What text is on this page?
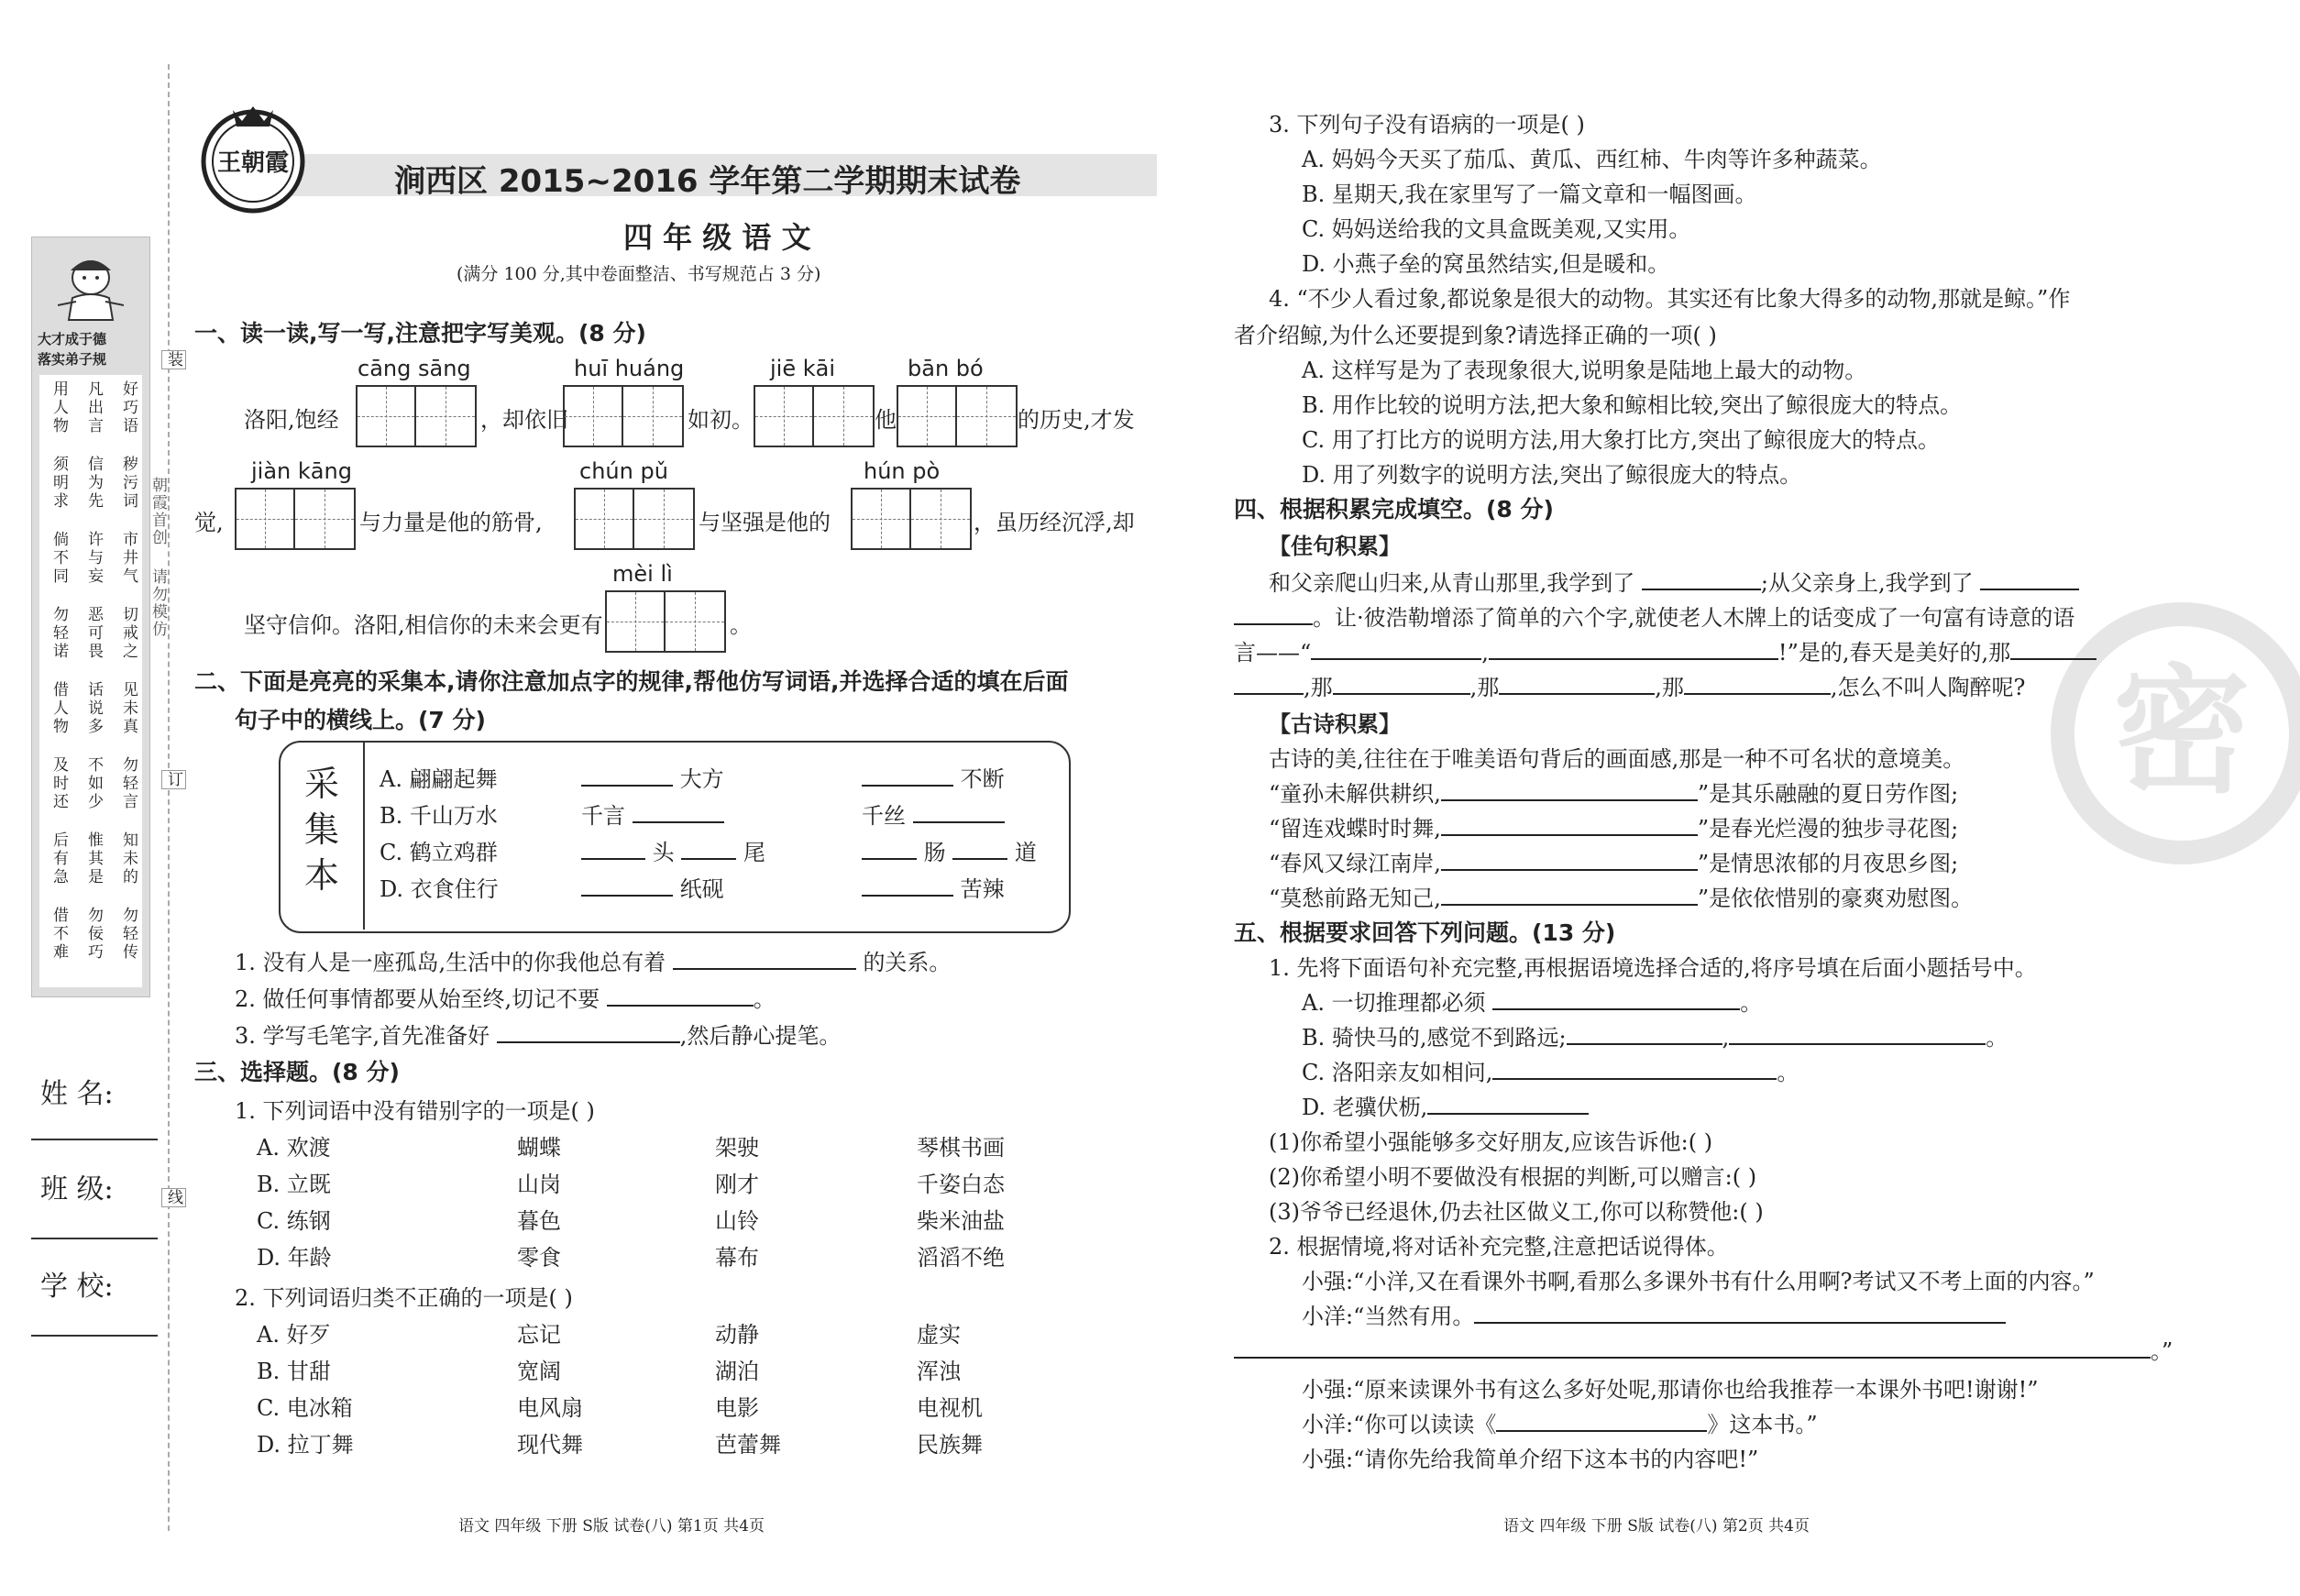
大才成于德
落实弟子规
用人物	凡出言	好巧语
须明求	信为先	秽污词
倘不同	许与妄	市井气
勿轻诺	恶可畏	切戒之
借人物	话说多	见未真
及时还	不如少	勿轻言
后有急	惟其是	知未的
借不难	勿佞巧	勿轻传
装
订
线
朝霞首创
请勿模仿
姓 名:
班 级:
学 校:
王朝霞	涧西区 2015~2016 学年第二学期期末试卷
四 年 级 语 文
(满分 100 分,其中卷面整洁、书写规范占 3 分)
一、读一读,写一写,注意把字写美观。(8 分)
cāng sāng	huī huáng	jiē kāi	bān bó
洛阳,饱经	，却依旧	如初。	他	的历史,才发
jiàn kāng	chún pǔ	hún pò
觉,	与力量是他的筋骨,	与坚强是他的	，虽历经沉浮,却
mèi lì
坚守信仰。洛阳,相信你的未来会更有	。
二、下面是亮亮的采集本,请你注意加点字的规律,帮他仿写词语,并选择合适的填在后面
句子中的横线上。(7 分)
采集本
A. 翩翩起舞	大方	不断
B. 千山万水	千言	千丝
C. 鹤立鸡群	头	尾	肠	道
D. 衣食住行	纸砚	苦辣
1. 没有人是一座孤岛,生活中的你我他总有着	的关系。
2. 做任何事情都要从始至终,切记不要	。
3. 学写毛笔字,首先准备好	,然后静心提笔。
三、选择题。(8 分)
1. 下列词语中没有错别字的一项是( )
A. 欢渡	蝴蝶	架驶	琴棋书画
B. 立既	山岗	刚才	千姿白态
C. 练钢	暮色	山铃	柴米油盐
D. 年龄	零食	幕布	滔滔不绝
2. 下列词语归类不正确的一项是( )
A. 好歹	忘记	动静	虚实
B. 甘甜	宽阔	湖泊	浑浊
C. 电冰箱	电风扇	电影	电视机
D. 拉丁舞	现代舞	芭蕾舞	民族舞
语文 四年级 下册 S版 试卷(八) 第1页 共4页
密
3. 下列句子没有语病的一项是( )
A. 妈妈今天买了茄瓜、黄瓜、西红柿、牛肉等许多种蔬菜。
B. 星期天,我在家里写了一篇文章和一幅图画。
C. 妈妈送给我的文具盒既美观,又实用。
D. 小燕子垒的窝虽然结实,但是暖和。
4. “不少人看过象,都说象是很大的动物。其实还有比象大得多的动物,那就是鲸。”作
者介绍鲸,为什么还要提到象?请选择正确的一项( )
A. 这样写是为了表现象很大,说明象是陆地上最大的动物。
B. 用作比较的说明方法,把大象和鲸相比较,突出了鲸很庞大的特点。
C. 用了打比方的说明方法,用大象打比方,突出了鲸很庞大的特点。
D. 用了列数字的说明方法,突出了鲸很庞大的特点。
四、根据积累完成填空。(8 分)
【佳句积累】
和父亲爬山归来,从青山那里,我学到了	;从父亲身上,我学到了
。让·彼浩勒增添了简单的六个字,就使老人木牌上的话变成了一句富有诗意的语
言——“	,	!”是的,春天是美好的,那
,那	,那	,那	,怎么不叫人陶醉呢?
【古诗积累】
古诗的美,往往在于唯美语句背后的画面感,那是一种不可名状的意境美。
“童孙未解供耕织,	”是其乐融融的夏日劳作图;
“留连戏蝶时时舞,	”是春光烂漫的独步寻花图;
“春风又绿江南岸,	”是情思浓郁的月夜思乡图;
“莫愁前路无知己,	”是依依惜别的豪爽劝慰图。
五、根据要求回答下列问题。(13 分)
1. 先将下面语句补充完整,再根据语境选择合适的,将序号填在后面小题括号中。
A. 一切推理都必须	。
B. 骑快马的,感觉不到路远;	,	。
C. 洛阳亲友如相问,	。
D. 老骥伏枥,
(1)你希望小强能够多交好朋友,应该告诉他:( )
(2)你希望小明不要做没有根据的判断,可以赠言:( )
(3)爷爷已经退休,仍去社区做义工,你可以称赞他:( )
2. 根据情境,将对话补充完整,注意把话说得体。
小强:“小洋,又在看课外书啊,看那么多课外书有什么用啊?考试又不考上面的内容。”
小洋:“当然有用。
。”
小强:“原来读课外书有这么多好处呢,那请你也给我推荐一本课外书吧!谢谢!”
小洋:“你可以读读《	》这本书。”
小强:“请你先给我简单介绍下这本书的内容吧!”
语文 四年级 下册 S版 试卷(八) 第2页 共4页
